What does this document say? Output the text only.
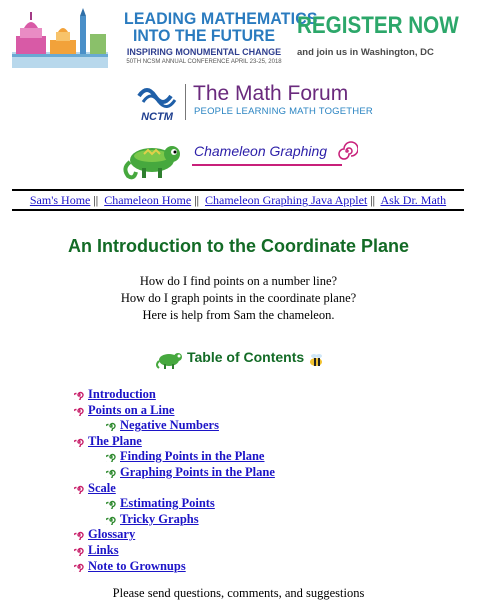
LEADING MATHEMATICS
INTO THE FUTURE
INSPIRING MONUMENTAL CHANGE
50TH NCSM ANNUAL CONFERENCE APRIL 23-25, 2018
REGISTER NOW
and join us in Washington, DC
NCTM
The Math Forum
PEOPLE LEARNING MATH TOGETHER
Chameleon Graphing
Sam's Home || Chameleon Home || Chameleon Graphing Java Applet || Ask Dr. Math
An Introduction to the Coordinate Plane
How do I find points on a number line?
How do I graph points in the coordinate plane?
Here is help from Sam the chameleon.
Table of Contents
Introduction
Points on a Line
Negative Numbers
The Plane
Finding Points in the Plane
Graphing Points in the Plane
Scale
Estimating Points
Tricky Graphs
Glossary
Links
Note to Grownups
Please send questions, comments, and suggestions
